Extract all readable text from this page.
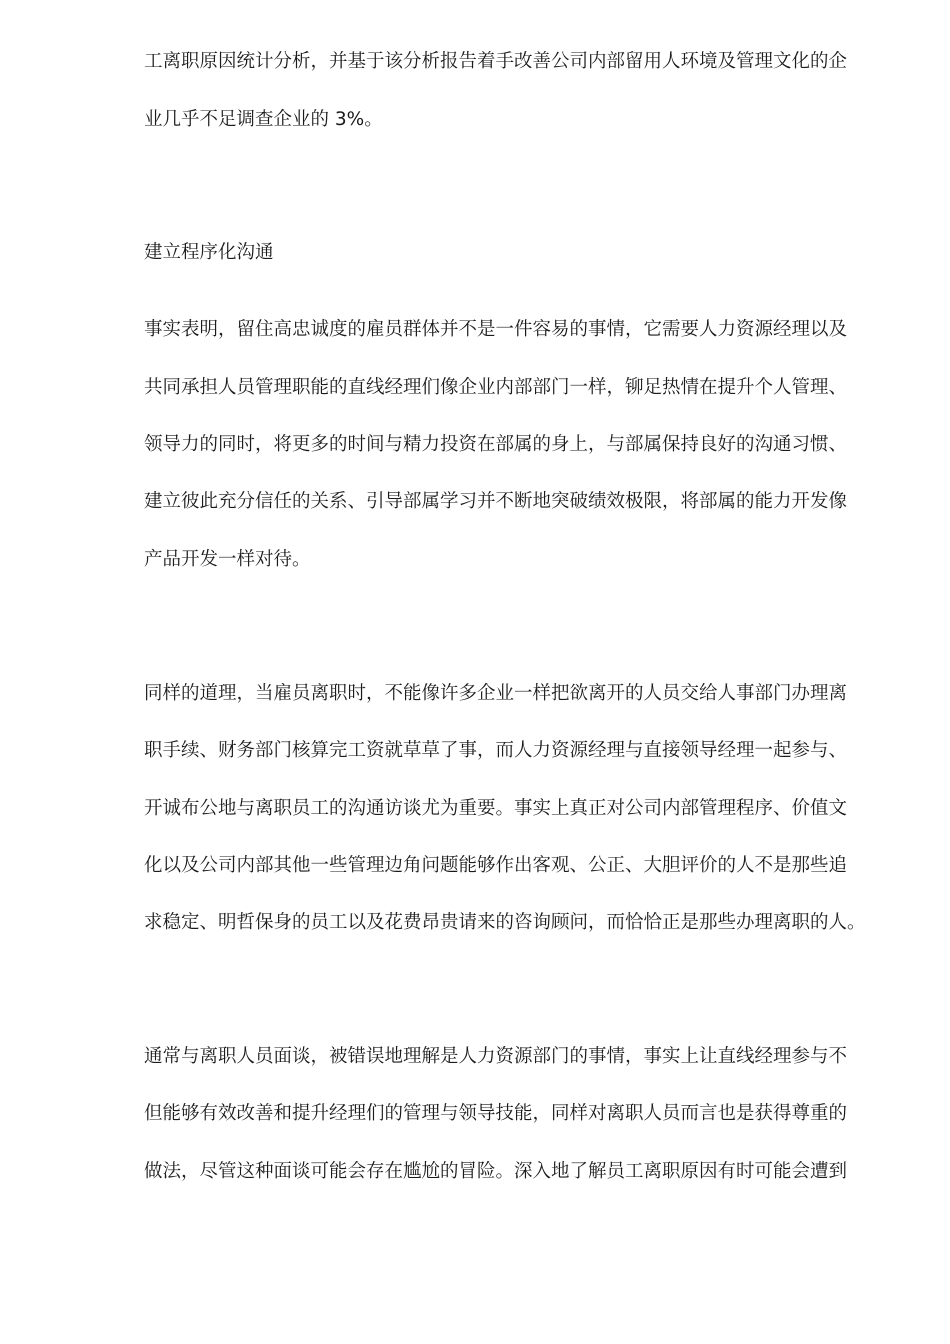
工离职原因统计分析，并基于该分析报告着手改善公司内部留用人环境及管理文化的企
业几乎不足调查企业的 3%。
建立程序化沟通
事实表明，留住高忠诚度的雇员群体并不是一件容易的事情，它需要人力资源经理以及
共同承担人员管理职能的直线经理们像企业内部部门一样，铆足热情在提升个人管理、
领导力的同时，将更多的时间与精力投资在部属的身上，与部属保持良好的沟通习惯、
建立彼此充分信任的关系、引导部属学习并不断地突破绩效极限，将部属的能力开发像
产品开发一样对待。
同样的道理，当雇员离职时，不能像许多企业一样把欲离开的人员交给人事部门办理离
职手续、财务部门核算完工资就草草了事，而人力资源经理与直接领导经理一起参与、
开诚布公地与离职员工的沟通访谈尤为重要。事实上真正对公司内部管理程序、价值文
化以及公司内部其他一些管理边角问题能够作出客观、公正、大胆评价的人不是那些追
求稳定、明哲保身的员工以及花费昂贵请来的咨询顾问，而恰恰正是那些办理离职的人。
通常与离职人员面谈，被错误地理解是人力资源部门的事情，事实上让直线经理参与不
但能够有效改善和提升经理们的管理与领导技能，同样对离职人员而言也是获得尊重的
做法，尽管这种面谈可能会存在尴尬的冒险。深入地了解员工离职原因有时可能会遭到
